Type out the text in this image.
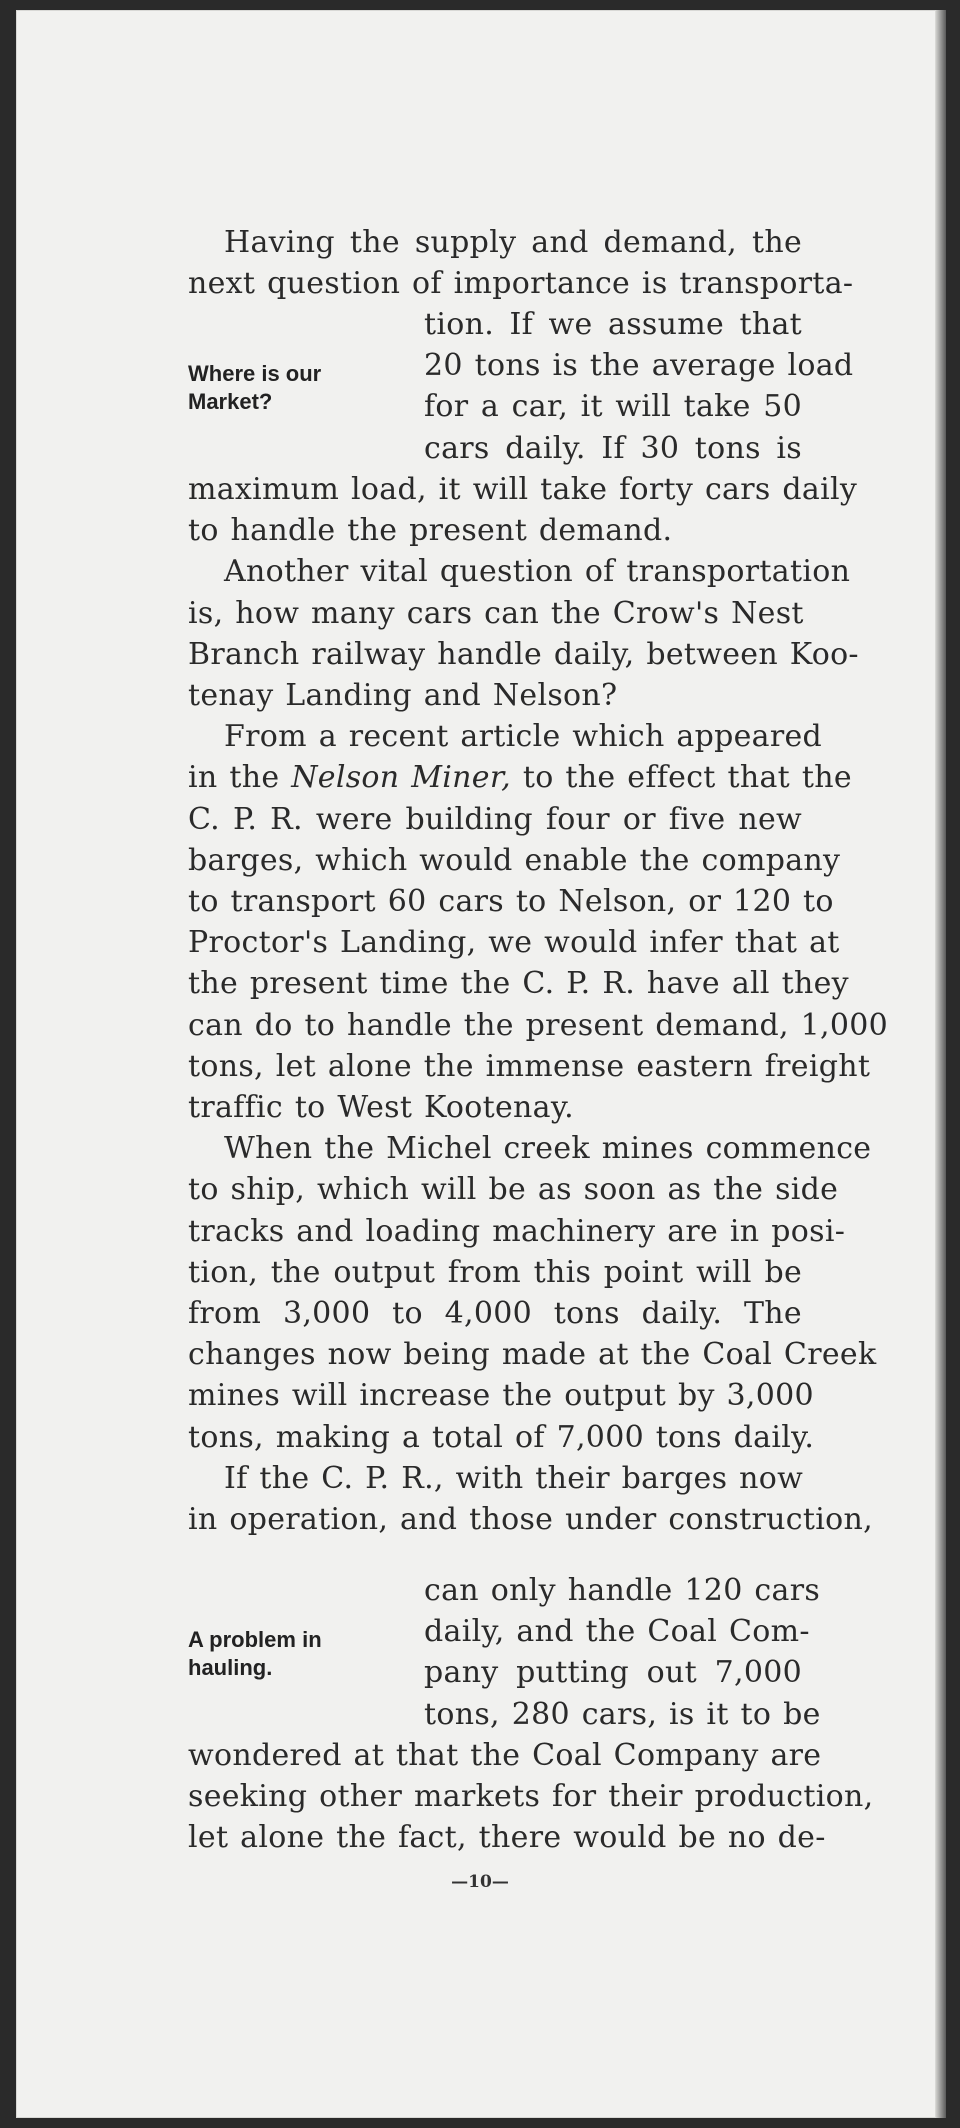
Having the supply and demand, the
next question of importance is transporta-
tion. If we assume that
20 tons is the average load
for a car, it will take 50
cars daily. If 30 tons is
Where is our
Market?
maximum load, it will take forty cars daily
to handle the present demand.
Another vital question of transportation
is, how many cars can the Crow's Nest
Branch railway handle daily, between Koo-
tenay Landing and Nelson?
From a recent article which appeared
in the Nelson Miner, to the effect that the
C. P. R. were building four or five new
barges, which would enable the company
to transport 60 cars to Nelson, or 120 to
Proctor's Landing, we would infer that at
the present time the C. P. R. have all they
can do to handle the present demand, 1,000
tons, let alone the immense eastern freight
traffic to West Kootenay.
When the Michel creek mines commence
to ship, which will be as soon as the side
tracks and loading machinery are in posi-
tion, the output from this point will be
from 3,000 to 4,000 tons daily. The
changes now being made at the Coal Creek
mines will increase the output by 3,000
tons, making a total of 7,000 tons daily.
If the C. P. R., with their barges now
in operation, and those under construction,
can only handle 120 cars
daily, and the Coal Com-
pany putting out 7,000
tons, 280 cars, is it to be
A problem in
hauling.
wondered at that the Coal Company are
seeking other markets for their production,
let alone the fact, there would be no de-
—10—
